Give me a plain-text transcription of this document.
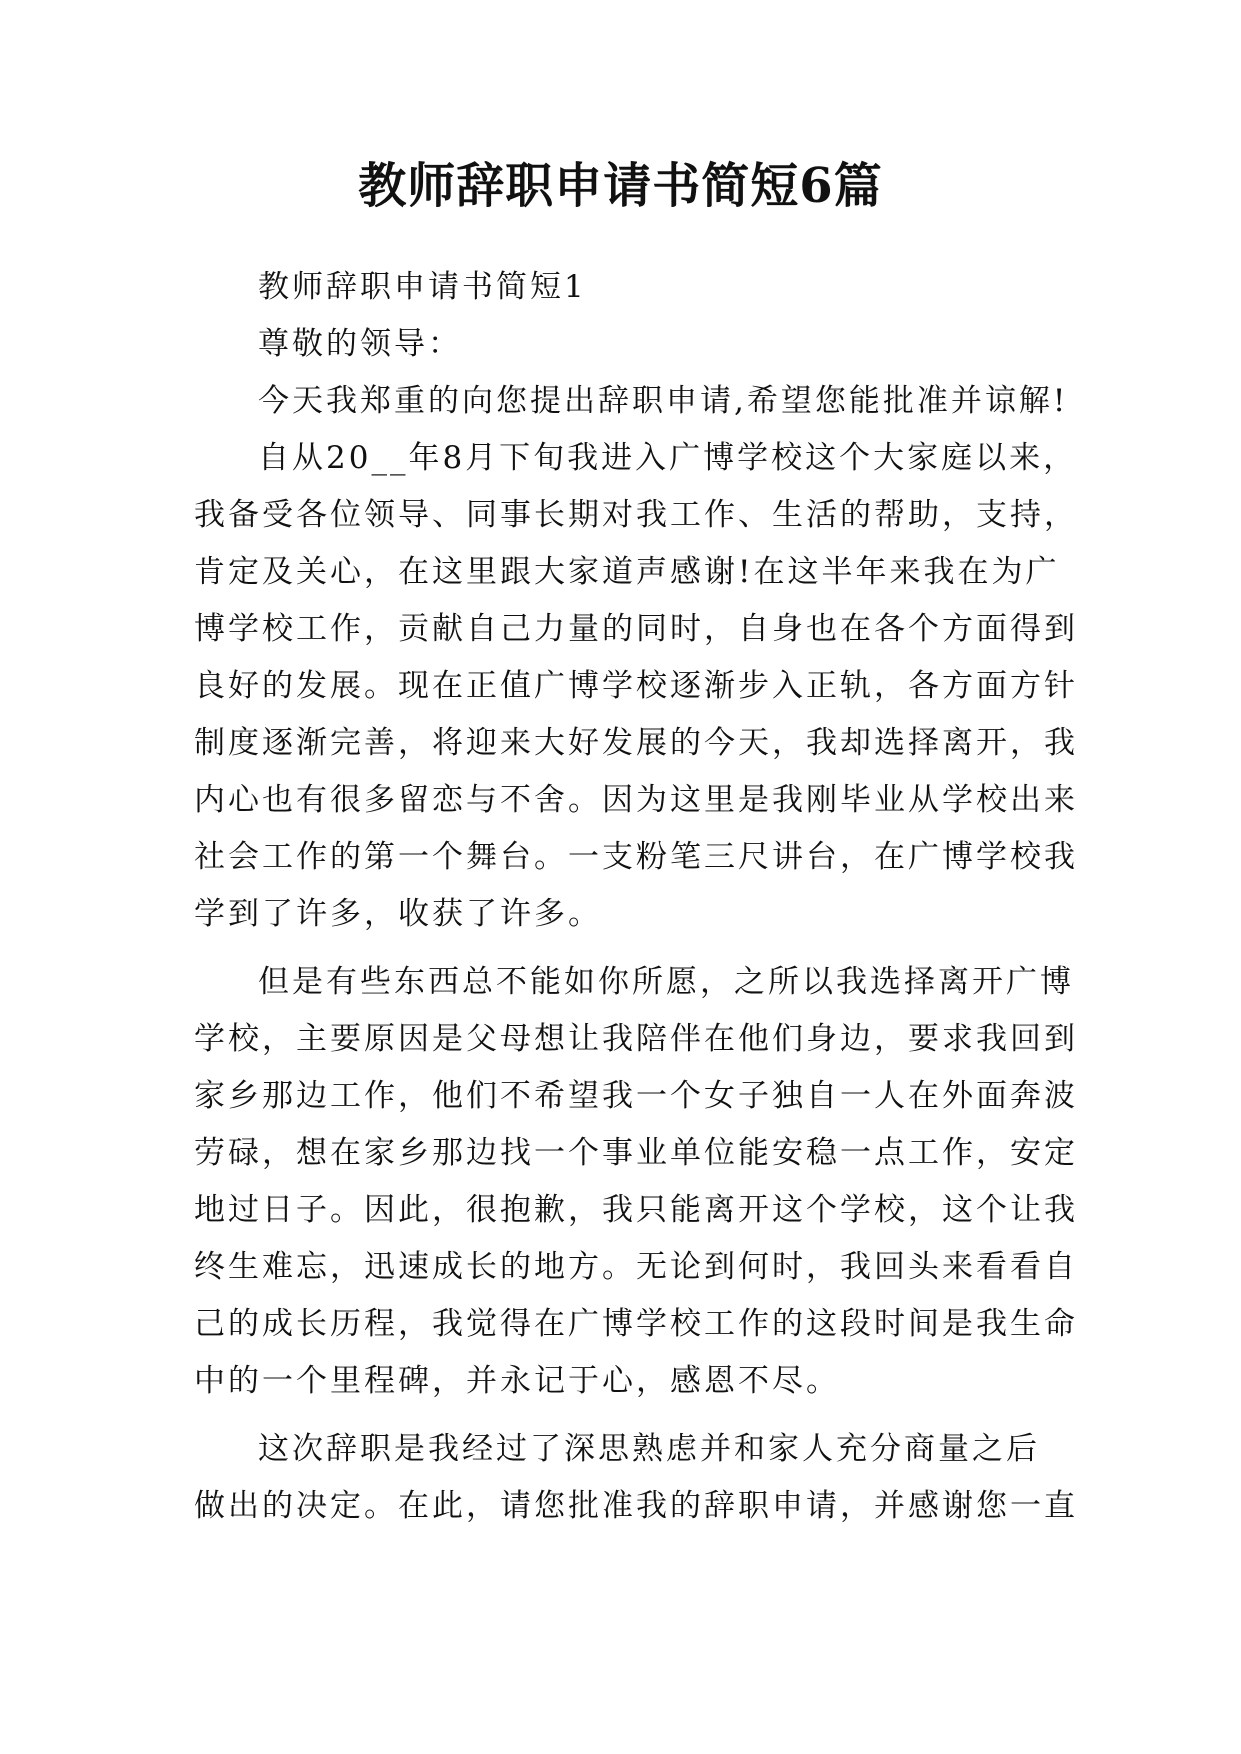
教师辞职申请书简短6篇

教师辞职申请书简短1

尊敬的领导：

今天我郑重的向您提出辞职申请,希望您能批准并谅解!

自从20__年8月下旬我进入广博学校这个大家庭以来，

我备受各位领导、同事长期对我工作、生活的帮助，支持，

肯定及关心，在这里跟大家道声感谢!在这半年来我在为广

博学校工作，贡献自己力量的同时，自身也在各个方面得到

良好的发展。现在正值广博学校逐渐步入正轨，各方面方针

制度逐渐完善，将迎来大好发展的今天，我却选择离开，我

内心也有很多留恋与不舍。因为这里是我刚毕业从学校出来

社会工作的第一个舞台。一支粉笔三尺讲台，在广博学校我

学到了许多，收获了许多。

但是有些东西总不能如你所愿，之所以我选择离开广博

学校，主要原因是父母想让我陪伴在他们身边，要求我回到

家乡那边工作，他们不希望我一个女子独自一人在外面奔波

劳碌，想在家乡那边找一个事业单位能安稳一点工作，安定

地过日子。因此，很抱歉，我只能离开这个学校，这个让我

终生难忘，迅速成长的地方。无论到何时，我回头来看看自

己的成长历程，我觉得在广博学校工作的这段时间是我生命

中的一个里程碑，并永记于心，感恩不尽。

这次辞职是我经过了深思熟虑并和家人充分商量之后

做出的决定。在此，请您批准我的辞职申请，并感谢您一直
